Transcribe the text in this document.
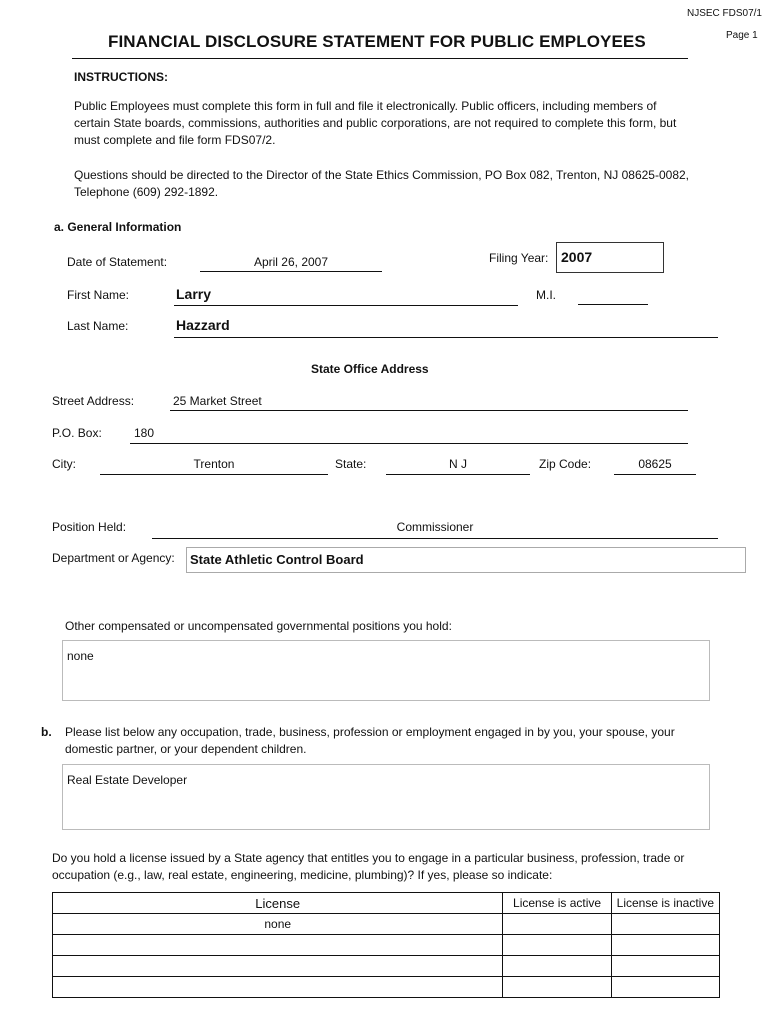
NJSEC FDS07/1
Page 1
FINANCIAL DISCLOSURE STATEMENT FOR PUBLIC EMPLOYEES
INSTRUCTIONS:
Public Employees must complete this form in full and file it electronically. Public officers, including members of certain State boards, commissions, authorities and public corporations, are not required to complete this form, but must complete and file form FDS07/2.
Questions should be directed to the Director of the State Ethics Commission, PO Box 082, Trenton, NJ 08625-0082, Telephone (609) 292-1892.
a. General Information
Date of Statement:	April 26, 2007	Filing Year: 2007
First Name:	Larry	M.I.
Last Name:	Hazzard
State Office Address
Street Address:	25 Market Street
P.O. Box:	180
City:	Trenton	State:	N J	Zip Code:	08625
Position Held:	Commissioner
Department or Agency: State Athletic Control Board
Other compensated or uncompensated governmental positions you hold:
none
b. Please list below any occupation, trade, business, profession or employment engaged in by you, your spouse, your domestic partner, or your dependent children.
Real Estate Developer
Do you hold a license issued by a State agency that entitles you to engage in a particular business, profession, trade or occupation (e.g., law, real estate, engineering, medicine, plumbing)? If yes, please so indicate:
License	License is active	License is inactive
none		
